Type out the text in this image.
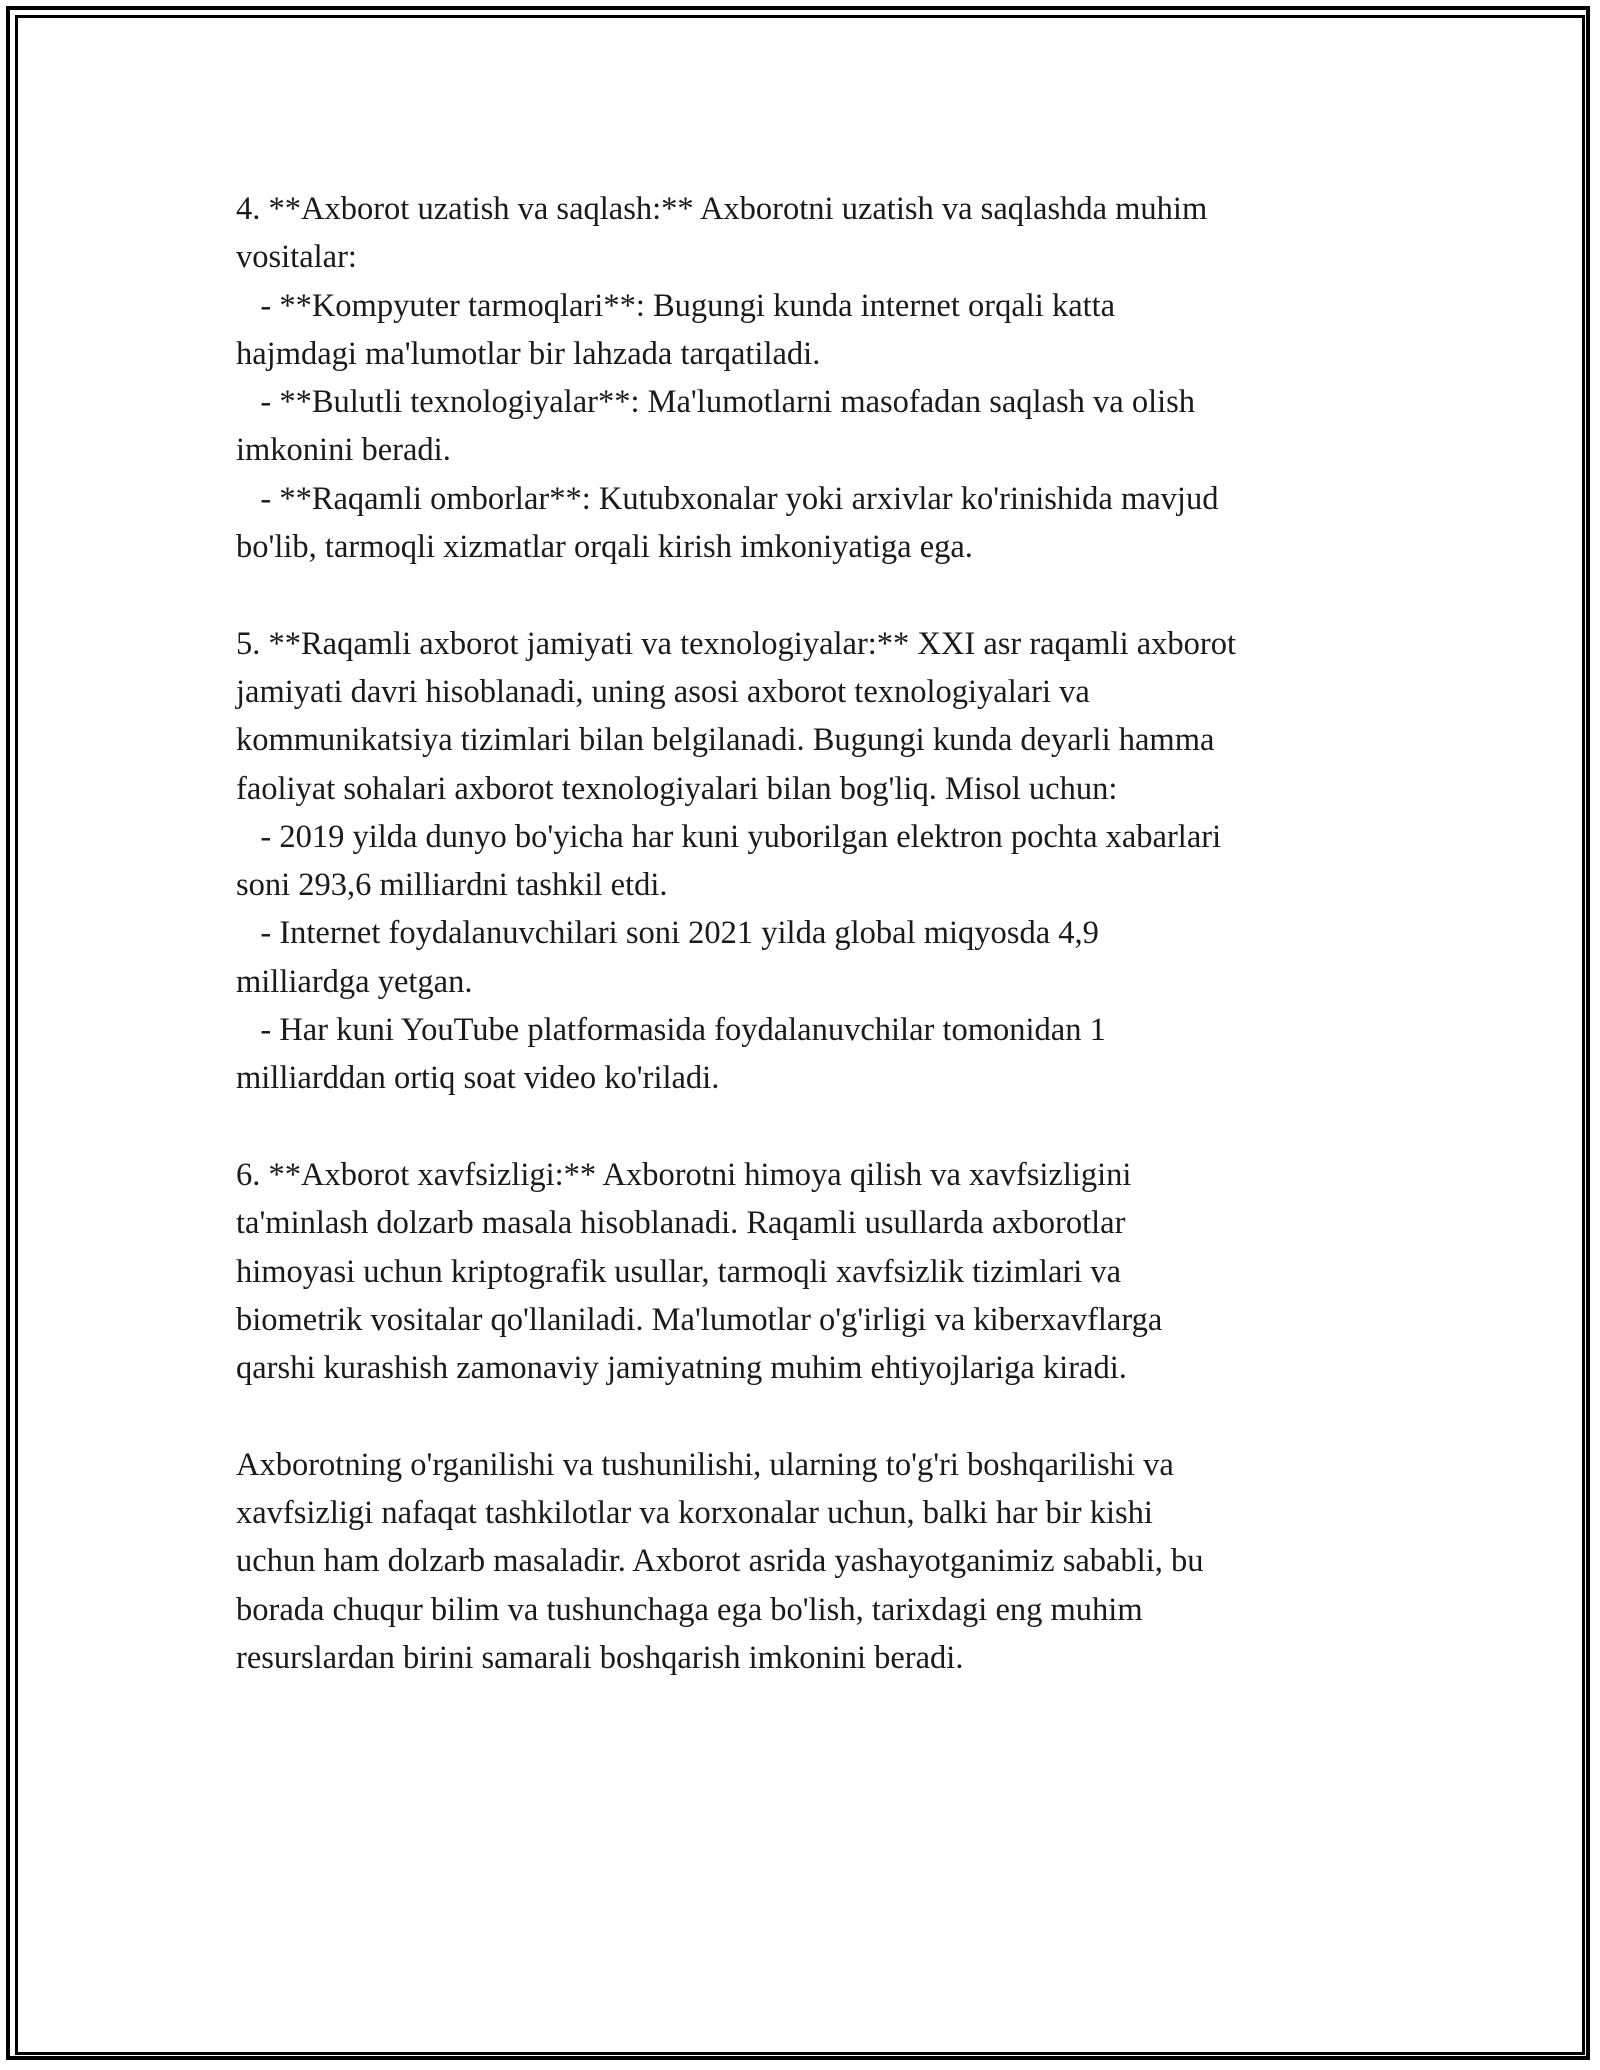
4. **Axborot uzatish va saqlash:** Axborotni uzatish va saqlashda muhim

vositalar:

- **Kompyuter tarmoqlari**: Bugungi kunda internet orqali katta

hajmdagi ma'lumotlar bir lahzada tarqatiladi.

- **Bulutli texnologiyalar**: Ma'lumotlarni masofadan saqlash va olish

imkonini beradi.

- **Raqamli omborlar**: Kutubxonalar yoki arxivlar ko'rinishida mavjud

bo'lib, tarmoqli xizmatlar orqali kirish imkoniyatiga ega.

5. **Raqamli axborot jamiyati va texnologiyalar:** XXI asr raqamli axborot

jamiyati davri hisoblanadi, uning asosi axborot texnologiyalari va

kommunikatsiya tizimlari bilan belgilanadi. Bugungi kunda deyarli hamma

faoliyat sohalari axborot texnologiyalari bilan bog'liq. Misol uchun:

- 2019 yilda dunyo bo'yicha har kuni yuborilgan elektron pochta xabarlari

soni 293,6 milliardni tashkil etdi.

- Internet foydalanuvchilari soni 2021 yilda global miqyosda 4,9

milliardga yetgan.

- Har kuni YouTube platformasida foydalanuvchilar tomonidan 1

milliarddan ortiq soat video ko'riladi.

6. **Axborot xavfsizligi:** Axborotni himoya qilish va xavfsizligini

ta'minlash dolzarb masala hisoblanadi. Raqamli usullarda axborotlar

himoyasi uchun kriptografik usullar, tarmoqli xavfsizlik tizimlari va

biometrik vositalar qo'llaniladi. Ma'lumotlar o'g'irligi va kiberxavflarga

qarshi kurashish zamonaviy jamiyatning muhim ehtiyojlariga kiradi.

Axborotning o'rganilishi va tushunilishi, ularning to'g'ri boshqarilishi va

xavfsizligi nafaqat tashkilotlar va korxonalar uchun, balki har bir kishi

uchun ham dolzarb masaladir. Axborot asrida yashayotganimiz sababli, bu

borada chuqur bilim va tushunchaga ega bo'lish, tarixdagi eng muhim

resurslardan birini samarali boshqarish imkonini beradi.
